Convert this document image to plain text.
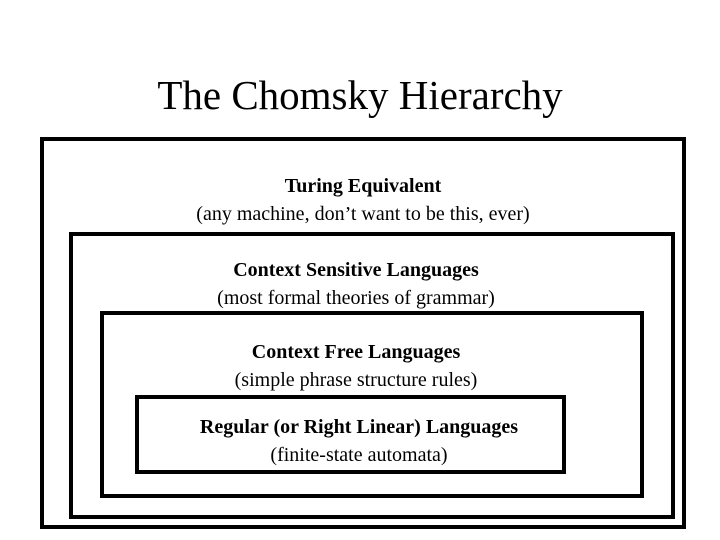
The Chomsky Hierarchy
Turing Equivalent
(any machine, don’t want to be this, ever)
Context Sensitive Languages
(most formal theories of grammar)
Context Free Languages
(simple phrase structure rules)
Regular (or Right Linear) Languages
(finite-state automata)
